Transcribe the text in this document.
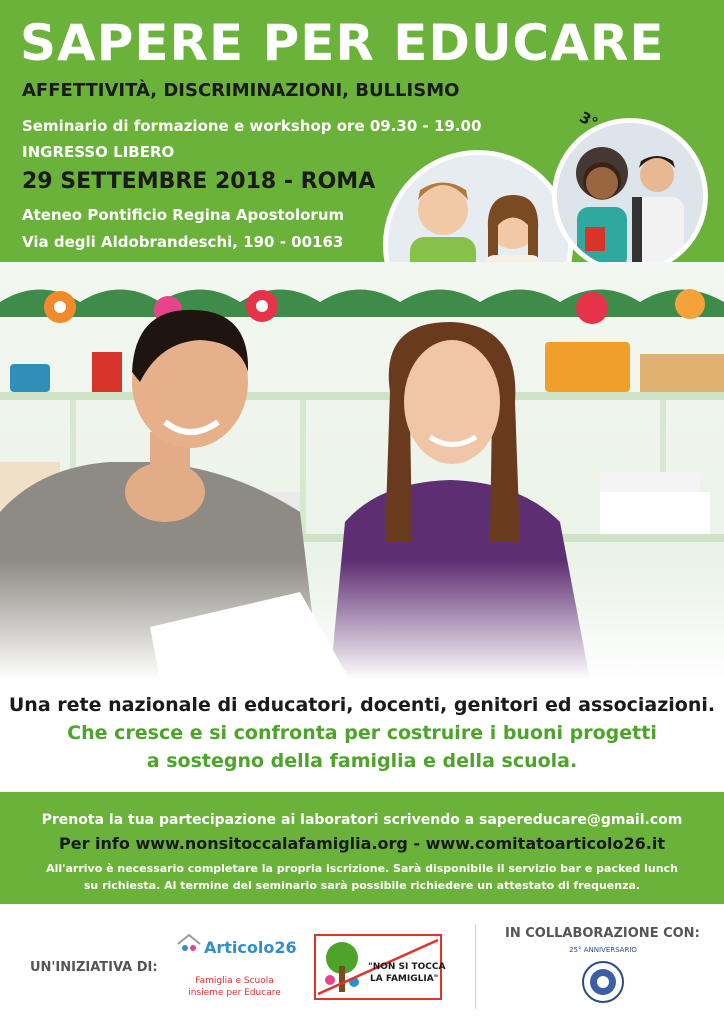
SAPERE PER EDUCARE
AFFETTIVITÀ, DISCRIMINAZIONI, BULLISMO
Seminario di formazione e workshop ore 09.30 - 19.00
INGRESSO LIBERO
29 SETTEMBRE 2018 - ROMA
Ateneo Pontificio Regina Apostolorum
Via degli Aldobrandeschi, 190 - 00163
Una rete nazionale di educatori, docenti, genitori ed associazioni.
Che cresce e si confronta per costruire i buoni progetti
a sostegno della famiglia e della scuola.
Prenota la tua partecipazione ai laboratori scrivendo a sapereducare@gmail.com
Per info www.nonsitoccalafamiglia.org - www.comitatoarticolo26.it
All'arrivo è necessario completare la propria iscrizione. Sarà disponibile il servizio bar e packed lunch
su richiesta. Al termine del seminario sarà possibile richiedere un attestato di frequenza.
UN'INIZIATIVA DI:
Articolo26
Famiglia e Scuola
insieme per Educare
"NON SI TOCCA
LA FAMIGLIA"
IN COLLABORAZIONE CON:
25° ANNIVERSARIO
